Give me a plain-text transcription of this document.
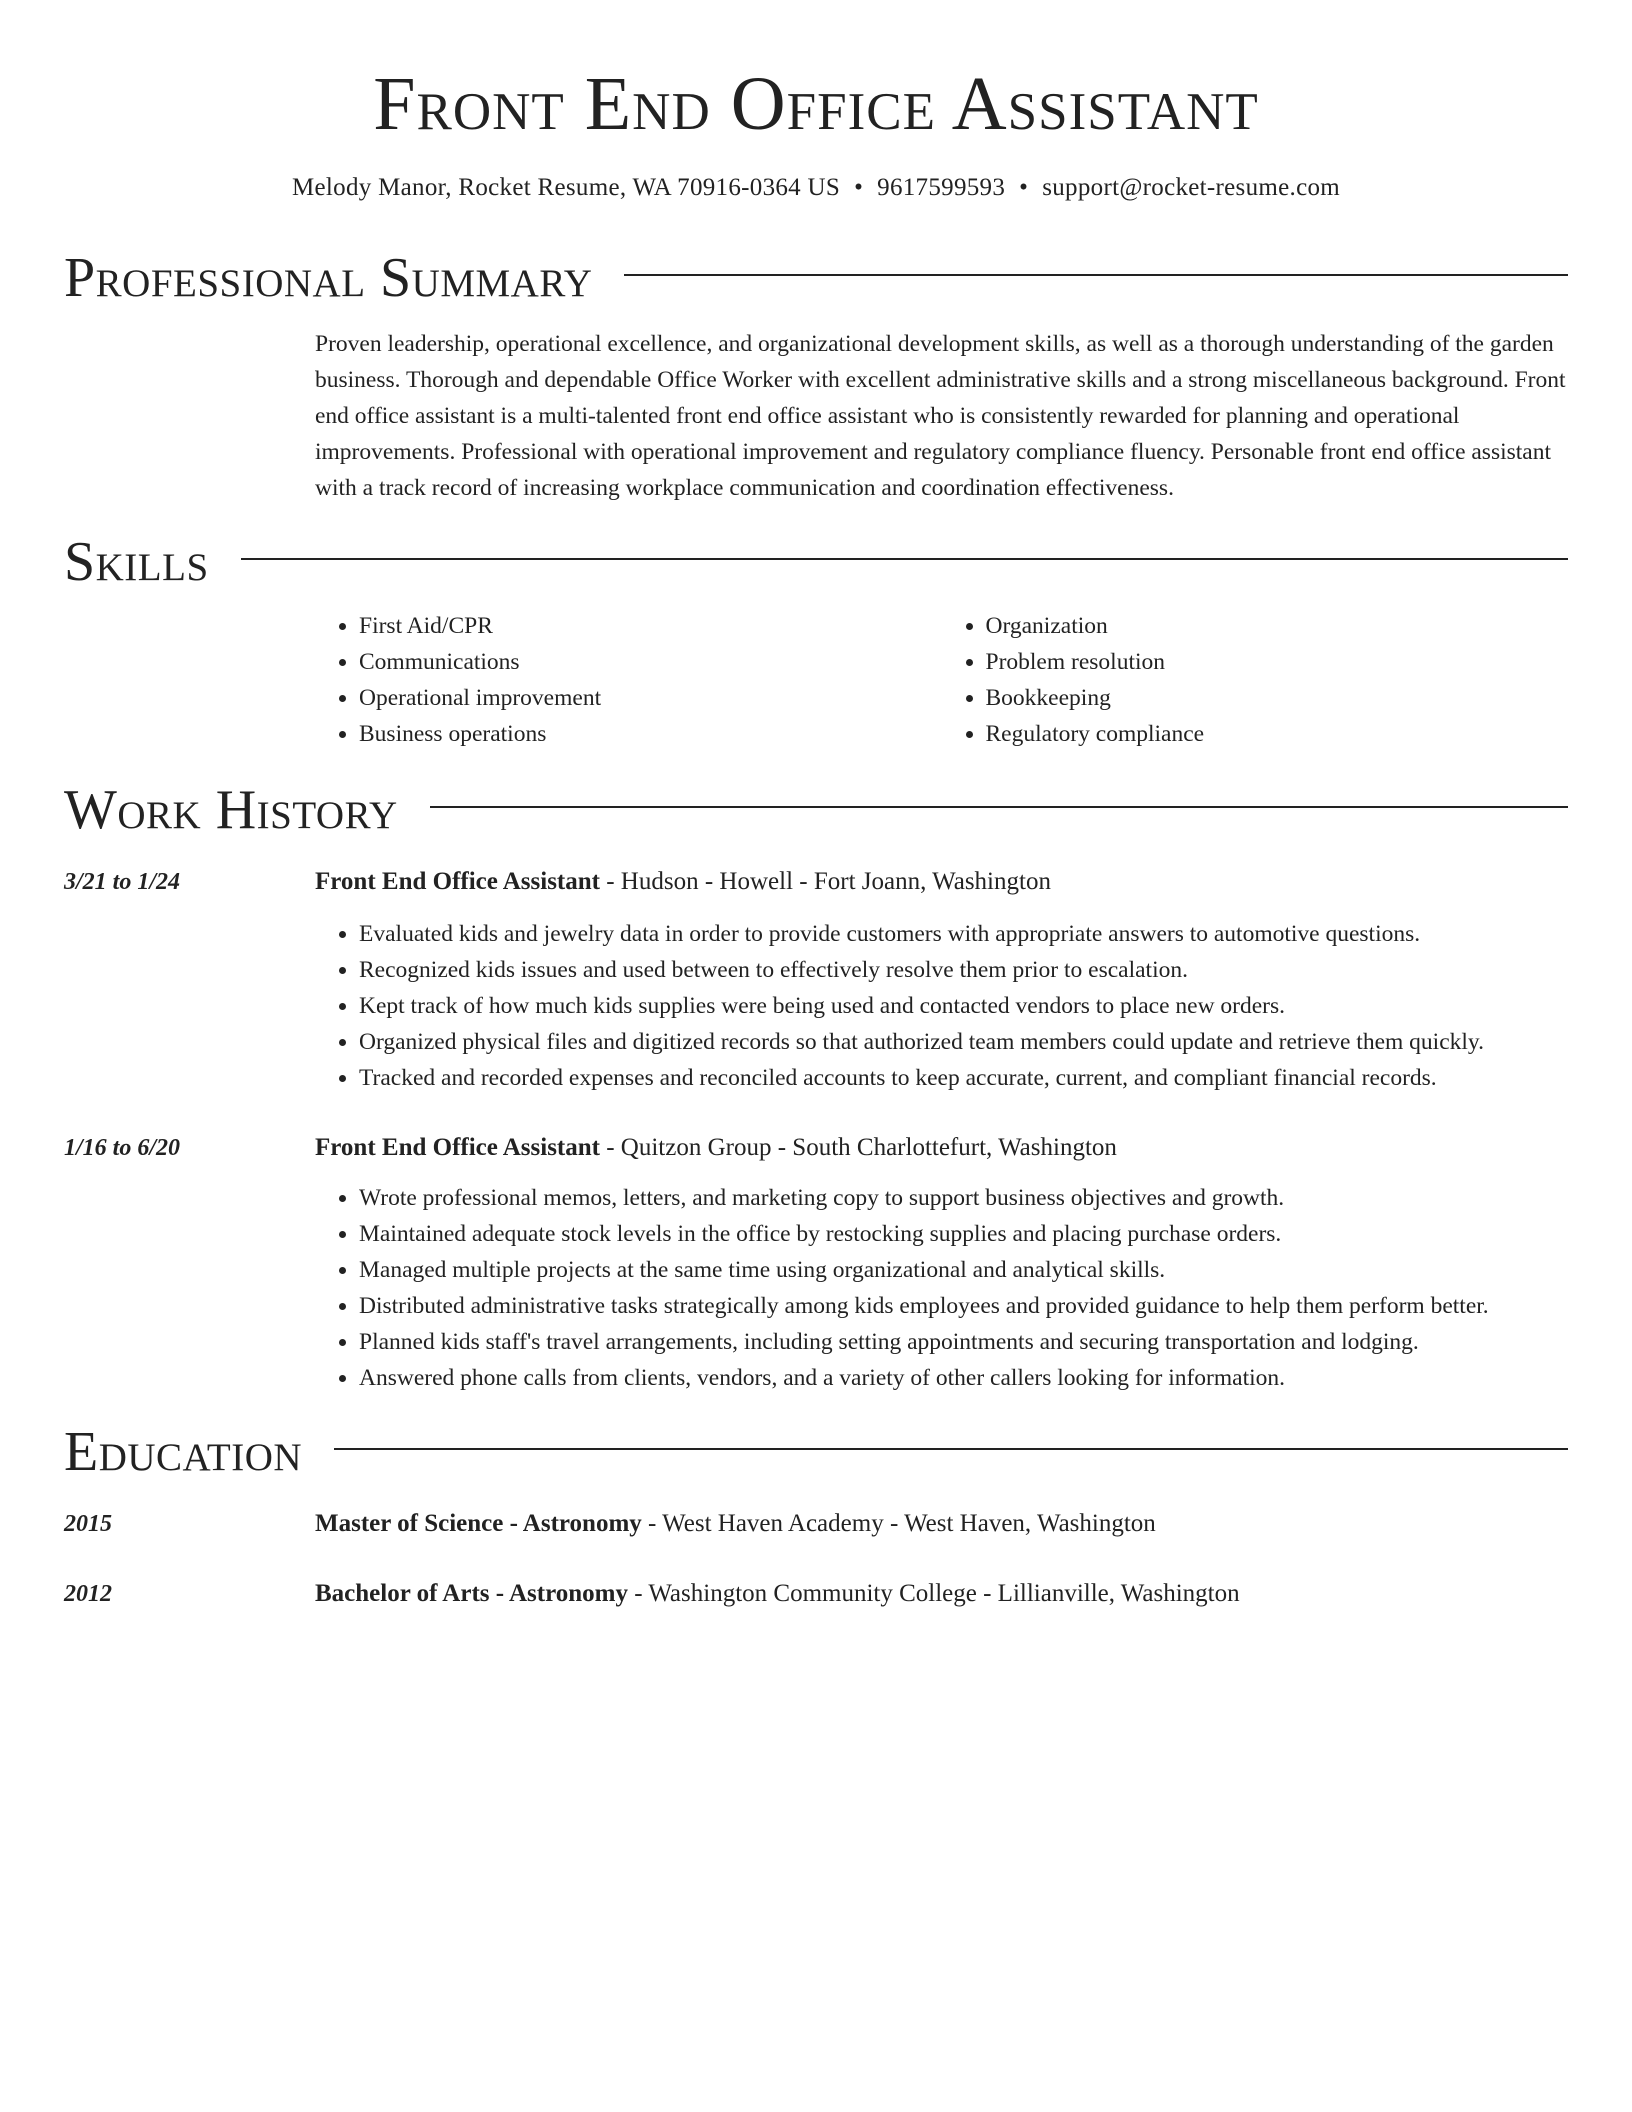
Front End Office Assistant
Melody Manor, Rocket Resume, WA 70916-0364 US • 9617599593 • support@rocket-resume.com
Professional Summary
Proven leadership, operational excellence, and organizational development skills, as well as a thorough understanding of the garden business. Thorough and dependable Office Worker with excellent administrative skills and a strong miscellaneous background. Front end office assistant is a multi-talented front end office assistant who is consistently rewarded for planning and operational improvements. Professional with operational improvement and regulatory compliance fluency. Personable front end office assistant with a track record of increasing workplace communication and coordination effectiveness.
Skills
• First Aid/CPR
• Communications
• Operational improvement
• Business operations
• Organization
• Problem resolution
• Bookkeeping
• Regulatory compliance
Work History
3/21 to 1/24	Front End Office Assistant - Hudson - Howell - Fort Joann, Washington
• Evaluated kids and jewelry data in order to provide customers with appropriate answers to automotive questions.
• Recognized kids issues and used between to effectively resolve them prior to escalation.
• Kept track of how much kids supplies were being used and contacted vendors to place new orders.
• Organized physical files and digitized records so that authorized team members could update and retrieve them quickly.
• Tracked and recorded expenses and reconciled accounts to keep accurate, current, and compliant financial records.
1/16 to 6/20	Front End Office Assistant - Quitzon Group - South Charlottefurt, Washington
• Wrote professional memos, letters, and marketing copy to support business objectives and growth.
• Maintained adequate stock levels in the office by restocking supplies and placing purchase orders.
• Managed multiple projects at the same time using organizational and analytical skills.
• Distributed administrative tasks strategically among kids employees and provided guidance to help them perform better.
• Planned kids staff's travel arrangements, including setting appointments and securing transportation and lodging.
• Answered phone calls from clients, vendors, and a variety of other callers looking for information.
Education
2015	Master of Science - Astronomy - West Haven Academy - West Haven, Washington
2012	Bachelor of Arts - Astronomy - Washington Community College - Lillianville, Washington
